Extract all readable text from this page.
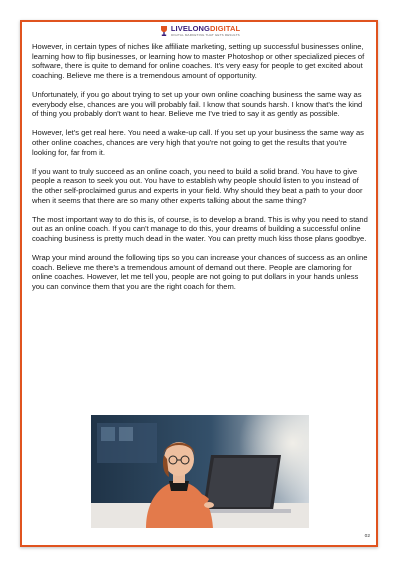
LIVELONGDIGITAL
DIGITAL MARKETING THAT GETS RESULTS

However, in certain types of niches like affiliate marketing, setting up successful businesses online, learning how to flip businesses, or learning how to master Photoshop or other specialized pieces of software, there is quite to demand for online coaches. It's very easy for people to get excited about coaching. Believe me there is a tremendous amount of opportunity.

Unfortunately, if you go about trying to set up your own online coaching business the same way as everybody else, chances are you will probably fail. I know that sounds harsh. I know that's the kind of thing you probably don't want to hear. Believe me I've tried to say it as gently as possible.

However, let's get real here. You need a wake-up call. If you set up your business the same way as other online coaches, chances are very high that you're not going to get the results that you're looking for, far from it.

If you want to truly succeed as an online coach, you need to build a solid brand. You have to give people a reason to seek you out. You have to establish why people should listen to you instead of the other self-proclaimed gurus and experts in your field. Why should they beat a path to your door when it seems that there are so many other experts talking about the same thing?

The most important way to do this is, of course, is to develop a brand. This is why you need to stand out as an online coach. If you can't manage to do this, your dreams of building a successful online coaching business is pretty much dead in the water. You can pretty much kiss those plans goodbye.

Wrap your mind around the following tips so you can increase your chances of success as an online coach. Believe me there's a tremendous amount of demand out there. People are clamoring for online coaches. However, let me tell you, people are not going to put dollars in your hands unless you can convince them that you are the right coach for them.

02
